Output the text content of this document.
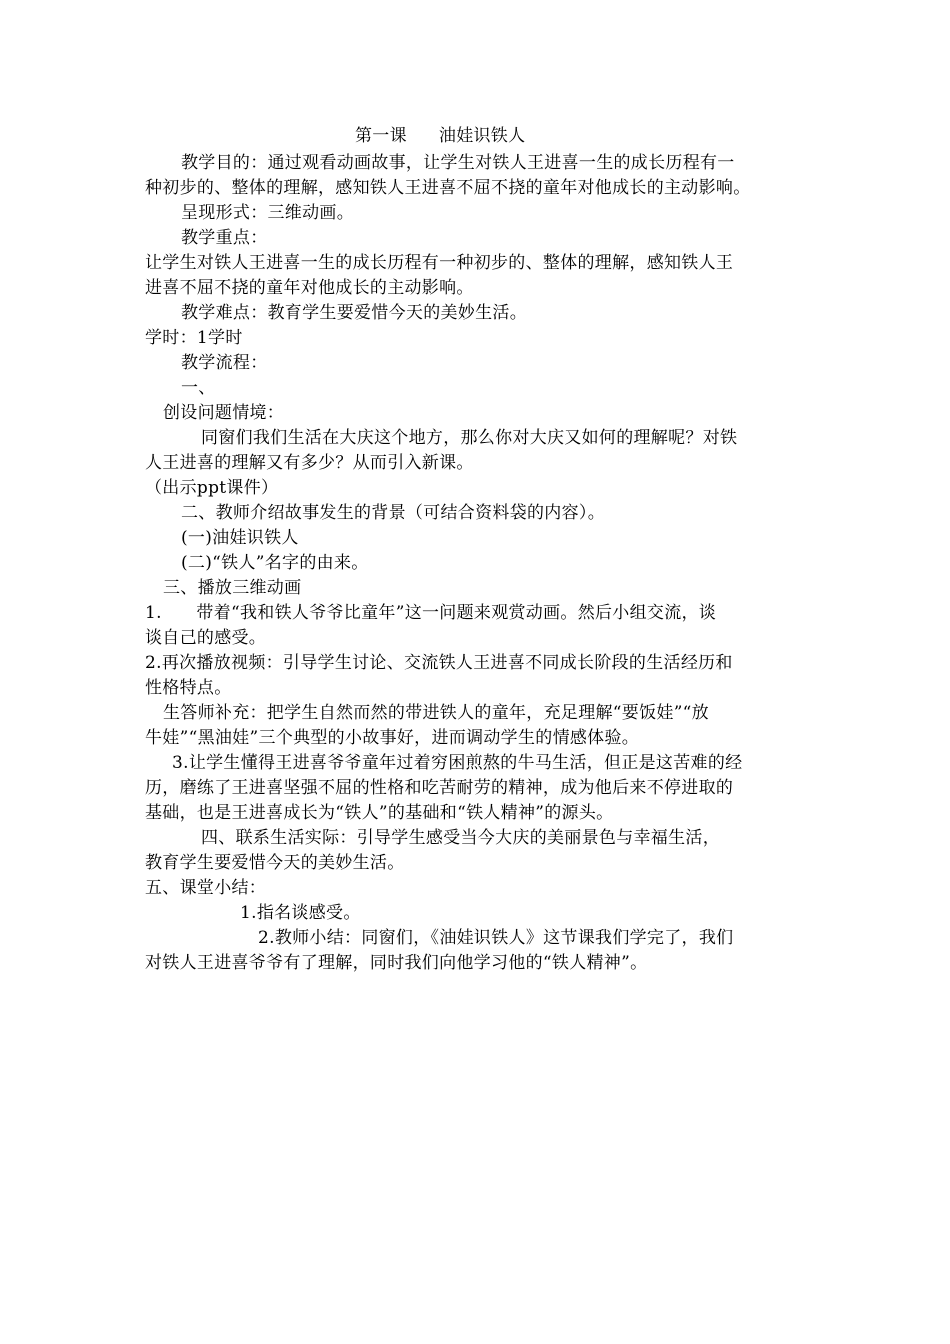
第一课 油娃识铁人
教学目的：通过观看动画故事，让学生对铁人王进喜一生的成长历程有一
种初步的、整体的理解，感知铁人王进喜不屈不挠的童年对他成长的主动影响。
呈现形式：三维动画。
教学重点：
让学生对铁人王进喜一生的成长历程有一种初步的、整体的理解，感知铁人王
进喜不屈不挠的童年对他成长的主动影响。
教学难点：教育学生要爱惜今天的美妙生活。
学时：1学时
教学流程：
一、
创设问题情境：
同窗们我们生活在大庆这个地方，那么你对大庆又如何的理解呢？对铁
人王进喜的理解又有多少？从而引入新课。
（出示ppt课件）
二、教师介绍故事发生的背景（可结合资料袋的内容）。
(一)油娃识铁人
(二)“铁人”名字的由来。
三、播放三维动画
1.　　带着“我和铁人爷爷比童年”这一问题来观赏动画。然后小组交流，谈
谈自己的感受。
2.再次播放视频：引导学生讨论、交流铁人王进喜不同成长阶段的生活经历和
性格特点。
生答师补充：把学生自然而然的带进铁人的童年，充足理解“要饭娃”“放
牛娃”“黑油娃”三个典型的小故事好，进而调动学生的情感体验。
3.让学生懂得王进喜爷爷童年过着穷困煎熬的牛马生活，但正是这苦难的经
历，磨练了王进喜坚强不屈的性格和吃苦耐劳的精神，成为他后来不停进取的
基础，也是王进喜成长为“铁人”的基础和“铁人精神”的源头。
四、联系生活实际：引导学生感受当今大庆的美丽景色与幸福生活，
教育学生要爱惜今天的美妙生活。
五、课堂小结：
1.指名谈感受。
2.教师小结：同窗们，《油娃识铁人》这节课我们学完了，我们
对铁人王进喜爷爷有了理解，同时我们向他学习他的“铁人精神”。
